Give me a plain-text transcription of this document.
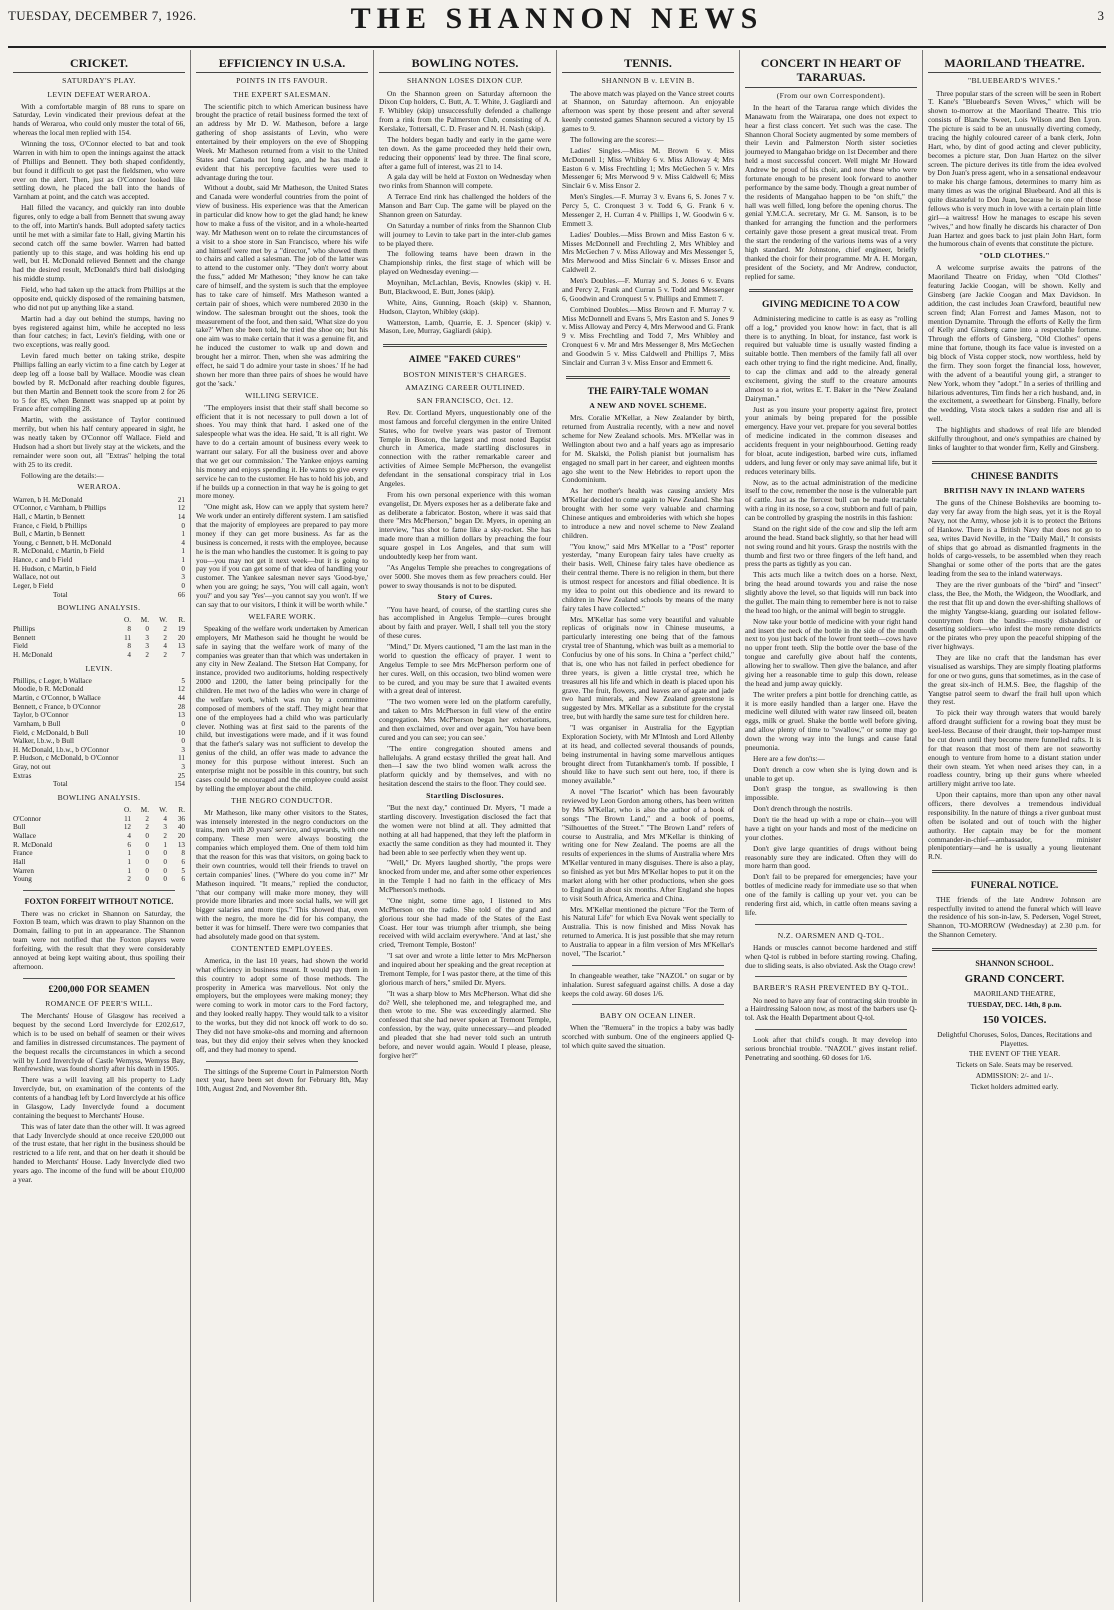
TUESDAY, DECEMBER 7, 1926.	THE SHANNON NEWS	3
CRICKET.
SATURDAY'S PLAY.
LEVIN DEFEAT WERAROA.

With a comfortable margin of 88 runs to spare on Saturday, Levin vindicated their previous defeat at the hands of Weraroa, who could only muster the total of 66, whereas the local men replied with 154.

Winning the toss, O'Connor elected to bat and took Warren in with him to open the innings against the attack of Phillips and Bennett. They both shaped confidently, but found it difficult to get past the fieldsmen, who were ever on the alert. Then, just as O'Connor looked like settling down, he placed the ball into the hands of Varnham at point, and the catch was accepted.

Hall filled the vacancy, and quickly ran into double figures, only to edge a ball from Bennett that swung away to the off, into Martin's hands. Bull adopted safety tactics until he met with a similar fate to Hall, giving Martin his second catch off the same bowler. Warren had batted patiently up to this stage, and was holding his end up well, but H. McDonald relieved Bennett and the change had the desired result, McDonald's third ball dislodging his middle stump.

Field, who had taken up the attack from Phillips at the opposite end, quickly disposed of the remaining batsmen, who did not put up anything like a stand.

Martin had a day out behind the stumps, having no byes registered against him, while he accepted no less than four catches; in fact, Levin's fielding, with one or two exceptions, was really good.

Levin fared much better on taking strike, despite Phillips falling an early victim to a fine catch by Leger at deep leg off a loose ball by Wallace. Moodie was clean bowled by R. McDonald after reaching double figures, but then Martin and Bennett took the score from 2 for 26 to 5 for 85, when Bennett was snapped up at point by France after compiling 28.

Martin, with the assistance of Taylor continued merrily, but when his half century appeared in sight, he was neatly taken by O'Connor off Wallace. Field and Hudson had a short but lively stay at the wickets, and the remainder were soon out, all "Extras" helping the total with 25 to its credit.

Following are the details:—

WERAROA.
Warren, b H. McDonald	21
O'Connor, c Varnham, b Phillips	12
Hall, c Martin, b Bennett	14
France, c Field, b Phillips	0
Bull, c Martin, b Bennett	1
Young, c Bennett, b H. McDonald	4
R. McDonald, c Martin, b Field	1
Hance, c and b Field	1
H. Hudson, c Martin, b Field	0
Wallace, not out	3
Leger, b Field	0
Total	66
BOWLING ANALYSIS.
	O.	M.	W.	R.
Phillips	8	0	2	19
Bennett	11	3	2	20
Field	8	3	4	13
H. McDonald	4	2	2	7
LEVIN.
Phillips, c Leger, b Wallace	5
Moodie, b R. McDonald	12
Martin, c O'Connor, b Wallace	44
Bennett, c France, b O'Connor	28
Taylor, b O'Connor	13
Varnham, b Bull	0
Field, c McDonald, b Bull	10
Walker, l.b.w., b Bull	0
H. McDonald, l.b.w., b O'Connor	3
P. Hudson, c McDonald, b O'Connor	11
Gray, not out	3
Extras	25
Total	154
BOWLING ANALYSIS.
	O.	M.	W.	R.
O'Connor	11	2	4	36
Bull	12	2	3	40
Wallace	4	0	2	20
R. McDonald	6	0	1	13
France	1	0	0	8
Hall	1	0	0	6
Warren	1	0	0	5
Young	2	0	0	6
FOXTON FORFEIT WITHOUT NOTICE.

There was no cricket in Shannon on Saturday, the Foxton B team, which was drawn to play Shannon on the Domain, failing to put in an appearance. The Shannon team were not notified that the Foxton players were forfeiting, with the result that they were considerably annoyed at being kept waiting about, thus spoiling their afternoon.

£200,000 FOR SEAMEN
ROMANCE OF PEER'S WILL.

The Merchants' House of Glasgow has received a bequest by the second Lord Inverclyde for £202,617, which is to be used on behalf of seamen or their wives and families in distressed circumstances. The payment of the bequest recalls the circumstances in which a second will by Lord Inverclyde of Castle Wemyss, Wemyss Bay, Renfrewshire, was found shortly after his death in 1905.

There was a will leaving all his property to Lady Inverclyde, but, on examination of the contents of the contents of a handbag left by Lord Inverclyde at his office in Glasgow, Lady Inverclyde found a document containing the bequest to Merchants' House.

This was of later date than the other will. It was agreed that Lady Inverclyde should at once receive £20,000 out of the trust estate, that her right in the business should be restricted to a life rent, and that on her death it should be handed to Merchants' House. Lady Inverclyde died two years ago. The income of the fund will be about £10,000 a year.

EFFICIENCY IN U.S.A.
POINTS IN ITS FAVOUR.
THE EXPERT SALESMAN.

The scientific pitch to which American business have brought the practice of retail business formed the text of an address by Mr D. W. Matheson, before a large gathering of shop assistants of Levin, who were entertained by their employers on the eve of Shopping Week. Mr Matheson returned from a visit to the United States and Canada not long ago, and he has made it evident that his perceptive faculties were used to advantage during the tour.

Without a doubt, said Mr Matheson, the United States and Canada were wonderful countries from the point of view of business. His experience was that the American in particular did know how to get the glad hand; he knew how to make a fuss of the visitor, and in a whole-hearted way. Mr Matheson went on to relate the circumstances of a visit to a shoe store in San Francisco, where his wife and himself were met by a "director," who showed them to chairs and called a salesman. The job of the latter was to attend to the customer only. "They don't worry about the fuss," added Mr Matheson; "they know he can take care of himself, and the system is such that the employee has to take care of himself. Mrs Matheson wanted a certain pair of shoes, which were numbered 2030 in the window. The salesman brought out the shoes, took the measurement of the foot, and then said, 'What size do you take?' When she been told, he tried the shoe on; but his one aim was to make certain that it was a genuine fit, and he induced the customer to walk up and down and brought her a mirror. Then, when she was admiring the effect, he said 'I do admire your taste in shoes.' If he had shown her more than three pairs of shoes he would have got the 'sack.'

WILLING SERVICE.

"The employers insist that their staff shall become so efficient that it is not necessary to pull down a lot of shoes. You may think that hard. I asked one of the salespeople what was the idea. He said, 'It is all right. We have to do a certain amount of business every week to warrant our salary. For all the business over and above that we get our commission.' The Yankee enjoys earning his money and enjoys spending it. He wants to give every service he can to the customer. He has to hold his job, and if he builds up a connection in that way he is going to get more money.

"One might ask, How can we apply that system here? We work under an entirely different system. I am satisfied that the majority of employees are prepared to pay more money if they can get more business. As far as the business is concerned, it rests with the employee, because he is the man who handles the customer. It is going to pay you—you may not get it next week—but it is going to pay you if you can get some of that idea of handling your customer. The Yankee salesman never says 'Good-bye,' when you are going; he says, 'You will call again, won't you?' and you say 'Yes'—you cannot say you won't. If we can say that to our visitors, I think it will be worth while."

WELFARE WORK.

Speaking of the welfare work undertaken by American employers, Mr Matheson said he thought he would be safe in saying that the welfare work of many of the companies was greater than that which was undertaken in any city in New Zealand. The Stetson Hat Company, for instance, provided two auditoriums, holding respectively 2000 and 1200, the latter being principally for the children. He met two of the ladies who were in charge of the welfare work, which was run by a committee composed of members of the staff. They might hear that one of the employees had a child who was particularly clever. Nothing was at first said to the parents of the child, but investigations were made, and if it was found that the father's salary was not sufficient to develop the genius of the child, an offer was made to advance the money for this purpose without interest. Such an enterprise might not be possible in this country, but such cases could be encouraged and the employee could assist by telling the employer about the child.

THE NEGRO CONDUCTOR.

Mr Matheson, like many other visitors to the States, was intensely interested in the negro conductors on the trains, men with 20 years' service, and upwards, with one company. These men were always boosting the companies which employed them. One of them told him that the reason for this was that visitors, on going back to their own countries, would tell their friends to travel on certain companies' lines. ("Where do you come in?" Mr Matheson inquired. "It means," replied the conductor, "that our company will make more money, they will provide more libraries and more social halls, we will get bigger salaries and more tips." This showed that, even with the negro, the more he did for his company, the better it was for himself. There were two companies that had absolutely made good on that system.

CONTENTED EMPLOYEES.

America, in the last 10 years, had shown the world what efficiency in business meant. It would pay them in this country to adopt some of those methods. The prosperity in America was marvellous. Not only the employers, but the employees were making money; they were coming to work in motor cars to the Ford factory, and they looked really happy. They would talk to a visitor to the works, but they did not knock off work to do so. They did not have smoke-ohs and morning and afternoon teas, but they did enjoy their selves when they knocked off, and they had money to spend.

The sittings of the Supreme Court in Palmerston North next year, have been set down for February 8th, May 10th, August 2nd, and November 8th.

BOWLING NOTES.
SHANNON LOSES DIXON CUP.

On the Shannon green on Saturday afternoon the Dixon Cup holders, C. Butt, A. T. White, J. Gagliardi and F. Whibley (skip) unsuccessfully defended a challenge from a rink from the Palmerston Club, consisting of A. Kerslake, Tottersall, C. D. Fraser and N. H. Nash (skip).

The holders began badly and early in the game were ten down. As the game proceeded they held their own, reducing their opponents' lead by three. The final score, after a game full of interest, was 21 to 14.

A gala day will be held at Foxton on Wednesday when two rinks from Shannon will compete.

A Terrace End rink has challenged the holders of the Manson and Barr Cup. The game will be played on the Shannon green on Saturday.

On Saturday a number of rinks from the Shannon Club will journey to Levin to take part in the inter-club games to be played there.

The following teams have been drawn in the Championship rinks, the first stage of which will be played on Wednesday evening:—

Moynihan, McLachlan, Bevis, Knowles (skip) v. H. Butt, Blackwood, E. Butt, Jones (skip).

White, Ains, Gunning, Roach (skip) v. Shannon, Hudson, Clayton, Whibley (skip).

Watterston, Lamb, Quarrie, E. J. Spencer (skip) v. Mason, Lee, Murray, Gagliardi (skip).

AIMEE "FAKED CURES"
BOSTON MINISTER'S CHARGES.
AMAZING CAREER OUTLINED.
SAN FRANCISCO, Oct. 12.

Rev. Dr. Cortland Myers, unquestionably one of the most famous and forceful clergymen in the entire United States, who for twelve years was pastor of Tremont Temple in Boston, the largest and most noted Baptist church in America, made startling disclosures in connection with the rather remarkable career and activities of Aimee Semple McPherson, the evangelist defendant in the sensational conspiracy trial in Los Angeles.

From his own personal experience with this woman evangelist, Dr. Myers exposes her as a deliberate fake and as deliberate a fabricator. Boston, where it was said that there "Mrs McPherson," began Dr. Myers, in opening an interview, "has shot to fame like a sky-rocket. She has made more than a million dollars by preaching the four square gospel in Los Angeles, and that sum will undoubtedly keep her from want.

"As Angelus Temple she preaches to congregations of over 5000. She moves them as few preachers could. Her power to sway thousands is not to be disputed.

Story of Cures.

"You have heard, of course, of the startling cures she has accomplished in Angelus Temple—cures brought about by faith and prayer. Well, I shall tell you the story of these cures.

"Mind," Dr. Myers cautioned, "I am the last man in the world to question the efficacy of prayer. I went to Angelus Temple to see Mrs McPherson perform one of her cures. Well, on this occasion, two blind women were to be cured, and you may be sure that I awaited events with a great deal of interest.

"The two women were led on the platform carefully, and taken to Mrs McPherson in full view of the entire congregation. Mrs McPherson began her exhortations, and then exclaimed, over and over again, 'You have been cured and you can see; you can see.'

"The entire congregation shouted amens and hallelujahs. A grand ecstasy thrilled the great hall. And then—I saw the two blind women walk across the platform quickly and by themselves, and with no hesitation descend the stairs to the floor. They could see.

Startling Disclosures.

"But the next day," continued Dr. Myers, "I made a startling discovery. Investigation disclosed the fact that the women were not blind at all. They admitted that nothing at all had happened, that they left the platform in exactly the same condition as they had mounted it. They had been able to see perfectly when they went up.

"Well," Dr. Myers laughed shortly, "the props were knocked from under me, and after some other experiences in the Temple I had no faith in the efficacy of Mrs McPherson's methods.

"One night, some time ago, I listened to Mrs McPherson on the radio. She told of the grand and glorious tour she had made of the States of the East Coast. Her tour was triumph after triumph, she being received with wild acclaim everywhere. 'And at last,' she cried, 'Tremont Temple, Boston!'

"I sat over and wrote a little letter to Mrs McPherson and inquired about her speaking and the great reception at Tremont Temple, for I was pastor there, at the time of this glorious march of hers," smiled Dr. Myers.

"It was a sharp blow to Mrs McPherson. What did she do? Well, she telephoned me, and telegraphed me, and then wrote to me. She was exceedingly alarmed. She confessed that she had never spoken at Tremont Temple, confession, by the way, quite unnecessary—and pleaded and pleaded that she had never told such an untruth before, and never would again. Would I please, please, forgive her?"

TENNIS.
SHANNON B v. LEVIN B.

The above match was played on the Vance street courts at Shannon, on Saturday afternoon. An enjoyable afternoon was spent by those present and after several keenly contested games Shannon secured a victory by 15 games to 9.

The following are the scores:—

Ladies' Singles.—Miss M. Brown 6 v. Miss McDonnell 1; Miss Whibley 6 v. Miss Alloway 4; Mrs Easton 6 v. Miss Frechtling 1; Mrs McGechen 5 v. Mrs Messenger 6; Mrs Merwood 9 v. Miss Caldwell 6; Miss Sinclair 6 v. Miss Ensor 2.

Men's Singles.—F. Murray 3 v. Evans 6, S. Jones 7 v. Percy 5, C. Cronquest 3 v. Todd 6, G. Frank 6 v. Messenger 2, H. Curran 4 v. Phillips 1, W. Goodwin 6 v. Emmett 3.

Ladies' Doubles.—Miss Brown and Miss Easton 6 v. Misses McDonnell and Frechtling 2, Mrs Whibley and Mrs McGechen 7 v. Miss Alloway and Mrs Messenger 5, Mrs Merwood and Miss Sinclair 6 v. Misses Ensor and Caldwell 2.

Men's Doubles.—F. Murray and S. Jones 6 v. Evans and Percy 2, Frank and Curran 5 v. Todd and Messenger 6, Goodwin and Cronquest 5 v. Phillips and Emmett 7.

Combined Doubles.—Miss Brown and F. Murray 7 v. Miss McDonnell and Evans 5, Mrs Easton and S. Jones 9 v. Miss Alloway and Percy 4, Mrs Merwood and G. Frank 9 v. Miss Frechtling and Todd 7, Mrs Whibley and Cronquest 6 v. Mr and Mrs Messenger 8, Mrs McGechen and Goodwin 5 v. Miss Caldwell and Phillips 7, Miss Sinclair and Curran 3 v. Miss Ensor and Emmett 6.

THE FAIRY-TALE WOMAN
A NEW AND NOVEL SCHEME.

Mrs. Coralie M'Kellar, a New Zealander by birth, returned from Australia recently, with a new and novel scheme for New Zealand schools. Mrs. M'Kellar was in Wellington about two and a half years ago as impresario for M. Skalski, the Polish pianist but journalism has engaged no small part in her career, and eighteen months ago she went to the New Hebrides to report upon the Condominium.

As her mother's health was causing anxiety Mrs M'Kellar decided to come again to New Zealand. She has brought with her some very valuable and charming Chinese antiques and embroideries with which she hopes to introduce a new and novel scheme to New Zealand children.

"You know," said Mrs M'Kellar to a "Post" reporter yesterday, "many European fairy tales have cruelty as their basis. Well, Chinese fairy tales have obedience as their central theme. There is no religion in them, but there is utmost respect for ancestors and filial obedience. It is my idea to point out this obedience and its reward to children in New Zealand schools by means of the many fairy tales I have collected."

Mrs. M'Kellar has some very beautiful and valuable replicas of originals now in Chinese museums, a particularly interesting one being that of the famous crystal tree of Shantung, which was built as a memorial to Confucius by one of his sons. In China a "perfect child," that is, one who has not failed in perfect obedience for three years, is given a little crystal tree, which he treasures all his life and which in death is placed upon his grave. The fruit, flowers, and leaves are of agate and jade two hard minerals, and New Zealand greenstone is suggested by Mrs. M'Kellar as a substitute for the crystal tree, but with hardly the same sure test for children here.

"I was organiser in Australia for the Egyptian Exploration Society, with Mr M'Intosh and Lord Allenby at its head, and collected several thousands of pounds, being instrumental in having some marvellous antiques brought direct from Tutankhamen's tomb. If possible, I should like to have such sent out here, too, if there is money available."

A novel "The Iscariot" which has been favourably reviewed by Leon Gordon among others, has been written by Mrs M'Kellar, who is also the author of a book of songs "The Brown Land," and a book of poems, "Silhouettes of the Street." "The Brown Land" refers of course to Australia, and Mrs M'Kellar is thinking of writing one for New Zealand. The poems are all the results of experiences in the slums of Australia where Mrs M'Kellar ventured in many disguises. There is also a play, so finished as yet but Mrs M'Kellar hopes to put it on the market along with her other productions, when she goes to England in about six months. After England she hopes to visit South Africa, America and China.

Mrs. M'Kellar mentioned the picture "For the Term of his Natural Life" for which Eva Novak went specially to Australia. This is now finished and Miss Novak has returned to America. It is just possible that she may return to Australia to appear in a film version of Mrs M'Kellar's novel, "The Iscariot."

In changeable weather, take "NAZOL" on sugar or by inhalation. Surest safeguard against chills. A dose a day keeps the cold away. 60 doses 1/6.

BABY ON OCEAN LINER.

When the "Remuera" in the tropics a baby was badly scorched with sunburn. One of the engineers applied Q-tol which quite saved the situation.

CONCERT IN HEART OF TARARUAS.
(From our own Correspondent).

In the heart of the Tararua range which divides the Manawatu from the Wairarapa, one does not expect to hear a first class concert. Yet such was the case. The Shannon Choral Society augmented by some members of their Levin and Palmerston North sister societies journeyed to Mangahao bridge on 1st December and there held a most successful concert. Well might Mr Howard Andrew be proud of his choir, and now these who were fortunate enough to be present look forward to another performance by the same body. Though a great number of the residents of Mangahao happen to be "on shift," the hall was well filled, long before the opening chorus. The genial Y.M.C.A. secretary, Mr G. M. Sanson, is to be thanked for arranging the function and the performers certainly gave those present a great musical treat. From the start the rendering of the various items was of a very high standard. Mr Johnstone, chief engineer, briefly thanked the choir for their programme. Mr A. H. Morgan, president of the Society, and Mr Andrew, conductor, replied for same.

GIVING MEDICINE TO A COW

Administering medicine to cattle is as easy as "rolling off a log," provided you know how: in fact, that is all there is to anything. In bloat, for instance, fast work is required but valuable time is usually wasted finding a suitable bottle. Then members of the family fall all over each other trying to find the right medicine. And, finally, to cap the climax and add to the already general excitement, giving the stuff to the creature amounts almost to a riot, writes E. T. Baker in the "New Zealand Dairyman."

Just as you insure your property against fire, protect your animals by being prepared for the possible emergency. Have your vet. prepare for you several bottles of medicine indicated in the common diseases and accidents frequent in your neighbourhood. Getting ready for bloat, acute indigestion, barbed wire cuts, inflamed udders, and lung fever or only may save animal life, but it reduces veterinary bills.

Now, as to the actual administration of the medicine itself to the cow, remember the nose is the vulnerable part of cattle. Just as the fiercest bull can be made tractable with a ring in its nose, so a cow, stubborn and full of pain, can be controlled by grasping the nostrils in this fashion:

Stand on the right side of the cow and slip the left arm around the head. Stand back slightly, so that her head will not swing round and hit yours. Grasp the nostrils with the thumb and first two or three fingers of the left hand, and press the parts as tightly as you can.

This acts much like a twitch does on a horse. Next, bring the head around towards you and raise the nose slightly above the level, so that liquids will run back into the gullet. The main thing to remember here is not to raise the head too high, or the animal will begin to struggle.

Now take your bottle of medicine with your right hand and insert the neck of the bottle in the side of the mouth next to you just back of the lower front teeth—cows have no upper front teeth. Slip the bottle over the base of the tongue and carefully give about half the contents, allowing her to swallow. Then give the balance, and after giving her a reasonable time to gulp this down, release the head and jump away quickly.

The writer prefers a pint bottle for drenching cattle, as it is more easily handled than a larger one. Have the medicine well diluted with water raw linseed oil, beaten eggs, milk or gruel. Shake the bottle well before giving, and allow plenty of time to "swallow," or some may go down the wrong way into the lungs and cause fatal pneumonia.

Here are a few don'ts:—

Don't drench a cow when she is lying down and is unable to get up.

Don't grasp the tongue, as swallowing is then impossible.

Don't drench through the nostrils.

Don't tie the head up with a rope or chain—you will have a tight on your hands and most of the medicine on your clothes.

Don't give large quantities of drugs without being reasonably sure they are indicated. Often they will do more harm than good.

Don't fail to be prepared for emergencies; have your bottles of medicine ready for immediate use so that when one of the family is calling up your vet. you can be rendering first aid, which, in cattle often means saving a life.

N.Z. OARSMEN AND Q-TOL.

Hands or muscles cannot become hardened and stiff when Q-tol is rubbed in before starting rowing. Chafing, due to sliding seats, is also obviated. Ask the Otago crew!

BARBER'S RASH PREVENTED BY Q-TOL.

No need to have any fear of contracting skin trouble in a Hairdressing Saloon now, as most of the barbers use Q-tol. Ask the Health Department about Q-tol.

Look after that child's cough. It may develop into serious bronchial trouble. "NAZOL" gives instant relief. Penetrating and soothing. 60 doses for 1/6.

MAORILAND THEATRE.
"BLUEBEARD'S WIVES."

Three popular stars of the screen will be seen in Robert T. Kane's "Bluebeard's Seven Wives," which will be shown to-morrow at the Maoriland Theatre. This trio consists of Blanche Sweet, Lois Wilson and Ben Lyon. The picture is said to be an unusually diverting comedy, tracing the highly coloured career of a bank clerk, John Hart, who, by dint of good acting and clever publicity, becomes a picture star, Don Juan Hartez on the silver screen. The picture derives its title from the idea evolved by Don Juan's press agent, who in a sensational endeavour to make his charge famous, determines to marry him as many times as was the original Bluebeard. And all this is quite distasteful to Don Juan, because he is one of those fellows who is very much in love with a certain plain little girl—a waitress! How he manages to escape his seven "wives," and how finally he discards his character of Don Juan Hartez and goes back to just plain John Hart, form the humorous chain of events that constitute the picture.

"OLD CLOTHES."

A welcome surprise awaits the patrons of the Maoriland Theatre on Friday, when "Old Clothes" featuring Jackie Coogan, will be shown. Kelly and Ginsberg (are Jackie Coogan and Max Davidson. In addition, the cast includes Joan Crawford, beautiful new screen find; Alan Forrest and James Mason, not to mention Dynamite. Through the efforts of Kelly the firm of Kelly and Ginsberg came into a respectable fortune. Through the efforts of Ginsberg, "Old Clothes" opens mine that fortune, though its face value is invested on a big block of Vista copper stock, now worthless, held by the firm. They soon forget the financial loss, however, with the advent of a beautiful young girl, a stranger to New York, whom they "adopt." In a series of thrilling and hilarious adventures, Tim finds her a rich husband, and, in the excitement, a sweetheart for Ginsberg. Finally, before the wedding, Vista stock takes a sudden rise and all is well.

The highlights and shadows of real life are blended skilfully throughout, and one's sympathies are chained by links of laughter to that wonder firm, Kelly and Ginsberg.

CHINESE BANDITS
BRITISH NAVY IN INLAND WATERS

The guns of the Chinese Bolsheviks are booming to-day very far away from the high seas, yet it is the Royal Navy, not the Army, whose job it is to protect the Britons of Hankow. There is a British Navy that does not go to sea, writes David Neville, in the "Daily Mail," It consists of ships that go abroad as dismantled fragments in the holds of cargo-vessels, to be assembled when they reach Shanghai or some other of the ports that are the gates leading from the sea to the inland waterways.

They are the river gunboats of the "bird" and "insect" class, the Bee, the Moth, the Widgeon, the Woodlark, and the rest that flit up and down the ever-shifting shallows of the mighty Yangtse-kiang, guarding our isolated fellow-countrymen from the bandits—mostly disbanded or deserting soldiers—who infest the more remote districts or the pirates who prey upon the peaceful shipping of the river highways.

They are like no craft that the landsman has ever visualised as warships. They are simply floating platforms for one or two guns, guns that sometimes, as in the case of the great six-inch of H.M.S. Bee, the flagship of the Yangtse patrol seem to dwarf the frail hull upon which they rest.

To pick their way through waters that would barely afford draught sufficient for a rowing boat they must be keel-less. Because of their draught, their top-hamper must be cut down until they become mere funnelled rafts. It is for that reason that most of them are not seaworthy enough to venture from home to a distant station under their own steam. Yet when need arises they can, in a roadless country, bring up their guns where wheeled artillery might arrive too late.

Upon their captains, more than upon any other naval officers, there devolves a tremendous individual responsibility. In the nature of things a river gunboat must often be isolated and out of touch with the higher authority. Her captain may be for the moment commander-in-chief—ambassador, minister plenipotentiary—and he is usually a young lieutenant R.N.

FUNERAL NOTICE.

THE friends of the late Andrew Johnson are respectfully invited to attend the funeral which will leave the residence of his son-in-law, S. Pedersen, Vogel Street, Shannon, TO-MORROW (Wednesday) at 2.30 p.m. for the Shannon Cemetery.

SHANNON SCHOOL.
GRAND CONCERT.

MAORILAND THEATRE,

TUESDAY, DEC. 14th, 8 p.m.

150 VOICES.

Delightful Choruses, Solos, Dances, Recitations and Playettes.

THE EVENT OF THE YEAR.

Tickets on Sale. Seats may be reserved.

ADMISSION: 2/- and 1/-.

Ticket holders admitted early.
